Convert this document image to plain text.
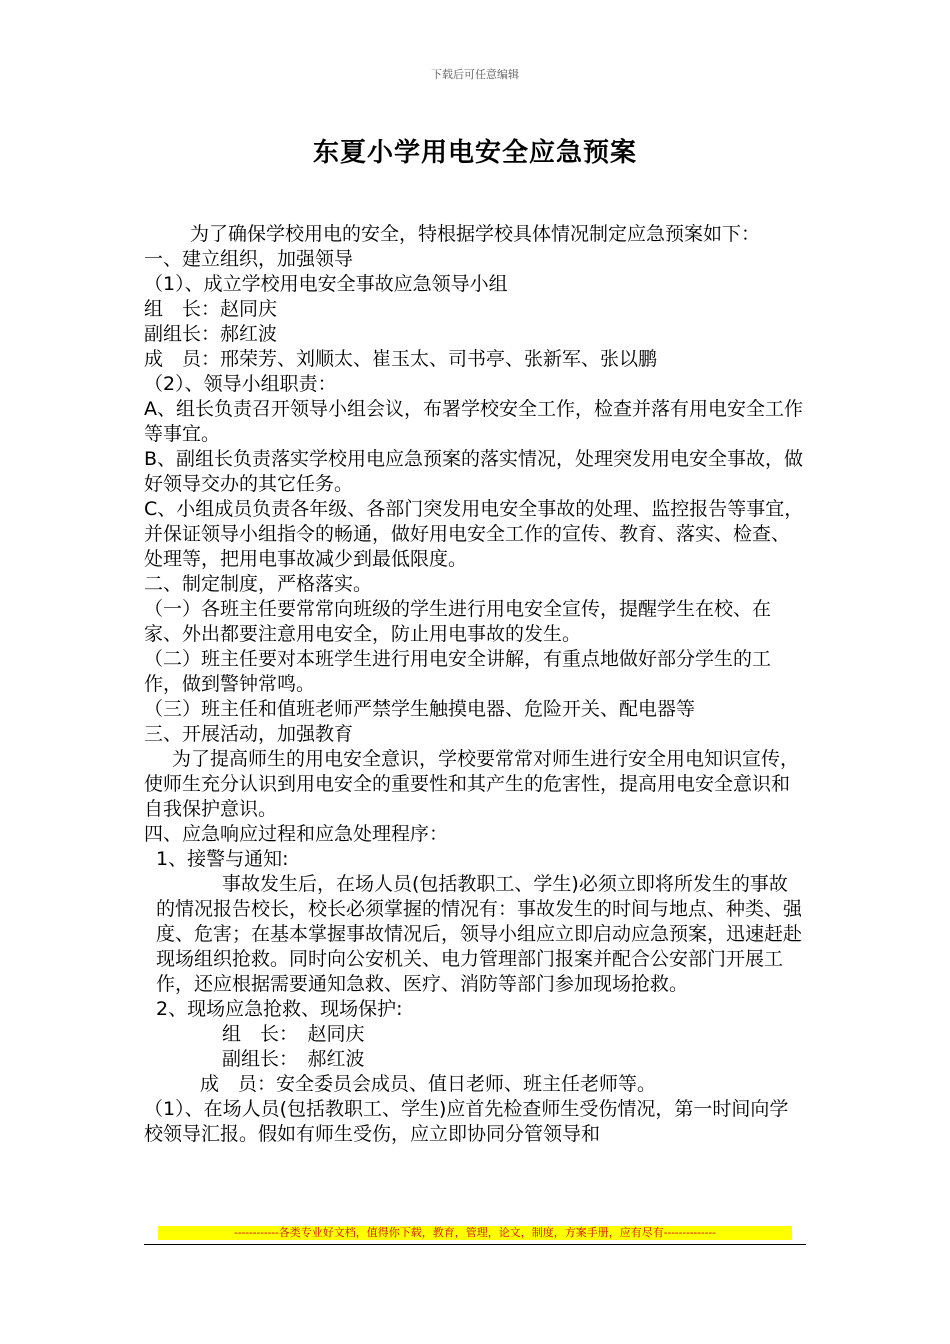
下载后可任意编辑
东夏小学用电安全应急预案

为了确保学校用电的安全，特根据学校具体情况制定应急预案如下：

一、建立组织，加强领导

（1）、成立学校用电安全事故应急领导小组

组　长：赵同庆

副组长：郝红波

成　员：邢荣芳、刘顺太、崔玉太、司书亭、张新军、张以鹏

（2）、领导小组职责：

A、组长负责召开领导小组会议，布署学校安全工作，检查并落有用电安全工作等事宜。

B、副组长负责落实学校用电应急预案的落实情况，处理突发用电安全事故，做好领导交办的其它任务。

C、小组成员负责各年级、各部门突发用电安全事故的处理、监控报告等事宜，并保证领导小组指令的畅通，做好用电安全工作的宣传、教育、落实、检查、处理等，把用电事故减少到最低限度。

二、制定制度，严格落实。

（一）各班主任要常常向班级的学生进行用电安全宣传，提醒学生在校、在家、外出都要注意用电安全，防止用电事故的发生。

（二）班主任要对本班学生进行用电安全讲解，有重点地做好部分学生的工作，做到警钟常鸣。

（三）班主任和值班老师严禁学生触摸电器、危险开关、配电器等

三、开展活动，加强教育

为了提高师生的用电安全意识，学校要常常对师生进行安全用电知识宣传，使师生充分认识到用电安全的重要性和其产生的危害性，提高用电安全意识和自我保护意识。

四、应急响应过程和应急处理程序：

1、接警与通知:

事故发生后，在场人员(包括教职工、学生)必须立即将所发生的事故的情况报告校长，校长必须掌握的情况有：事故发生的时间与地点、种类、强度、危害；在基本掌握事故情况后，领导小组应立即启动应急预案，迅速赶赴现场组织抢救。同时向公安机关、电力管理部门报案并配合公安部门开展工作，还应根据需要通知急救、医疗、消防等部门参加现场抢救。

2、现场应急抢救、现场保护:

组　长：　赵同庆

副组长：　郝红波

成　员：安全委员会成员、值日老师、班主任老师等。

（1）、在场人员(包括教职工、学生)应首先检查师生受伤情况，第一时间向学校领导汇报。假如有师生受伤，应立即协同分管领导和

------------各类专业好文档，值得你下载，教育，管理，论文，制度，方案手册，应有尽有--------------
